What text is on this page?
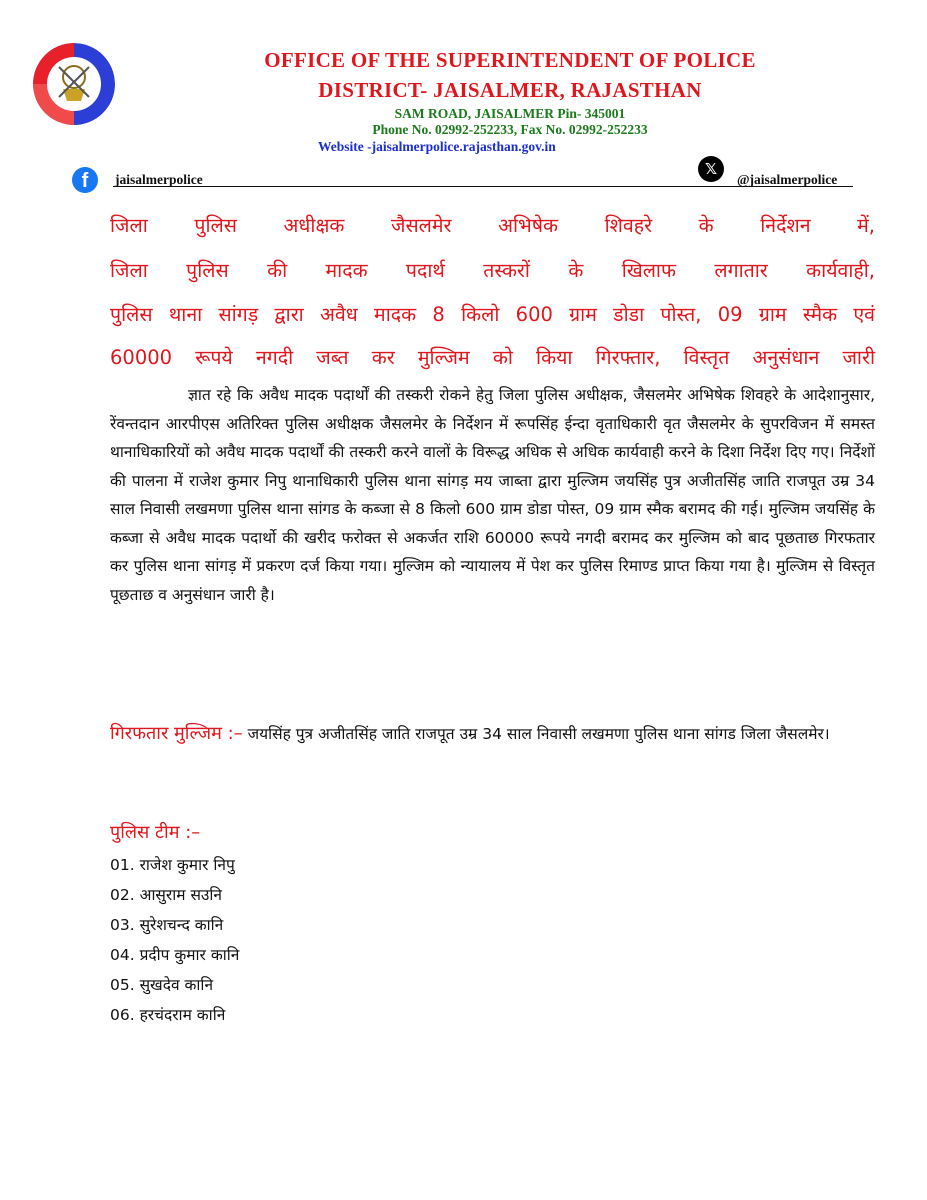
OFFICE OF THE SUPERINTENDENT OF POLICE
DISTRICT- JAISALMER, RAJASTHAN
SAM ROAD, JAISALMER Pin- 345001
Phone No. 02992-252233, Fax No. 02992-252233
Website -jaisalmerpolice.rajasthan.gov.in
f	jaisalmerpolice
𝕏
@jaisalmerpolice
जिला पुलिस अधीक्षक जैसलमेर अभिषेक शिवहरे के निर्देशन में,
जिला पुलिस की मादक पदार्थ तस्करों के खिलाफ लगातार कार्यवाही,
पुलिस थाना सांगड़ द्वारा अवैध मादक 8 किलो 600 ग्राम डोडा पोस्त, 09 ग्राम स्मैक एवं
60000 रूपये नगदी जब्त कर मुल्जिम को किया गिरफ्तार, विस्तृत अनुसंधान जारी

ज्ञात रहे कि अवैध मादक पदार्थों की तस्करी रोकने हेतु जिला पुलिस अधीक्षक, जैसलमेर अभिषेक शिवहरे के आदेशानुसार, रेंवन्तदान आरपीएस अतिरिक्त पुलिस अधीक्षक जैसलमेर के निर्देशन में रूपसिंह ईन्दा वृताधिकारी वृत जैसलमेर के सुपरविजन में समस्त थानाधिकारियों को अवैध मादक पदार्थों की तस्करी करने वालों के विरूद्ध अधिक से अधिक कार्यवाही करने के दिशा निर्देश दिए गए। निर्देशों की पालना में राजेश कुमार निपु थानाधिकारी पुलिस थाना सांगड़ मय जाब्ता द्वारा मुल्जिम जयसिंह पुत्र अजीतसिंह जाति राजपूत उम्र 34 साल निवासी लखमणा पुलिस थाना सांगड के कब्जा से 8 किलो 600 ग्राम डोडा पोस्त, 09 ग्राम स्मैक बरामद की गई। मुल्जिम जयसिंह के कब्जा से अवैध मादक पदार्थो की खरीद फरोक्त से अकर्जत राशि 60000 रूपये नगदी बरामद कर मुल्जिम को बाद पूछताछ गिरफतार कर पुलिस थाना सांगड़ में प्रकरण दर्ज किया गया। मुल्जिम को न्यायालय में पेश कर पुलिस रिमाण्ड प्राप्त किया गया है। मुल्जिम से विस्तृत पूछताछ व अनुसंधान जारी है।

गिरफतार मुल्जिम :– जयसिंह पुत्र अजीतसिंह जाति राजपूत उम्र 34 साल निवासी लखमणा पुलिस थाना सांगड जिला जैसलमेर।
पुलिस टीम :–
01. राजेश कुमार निपु
02. आसुराम सउनि
03. सुरेशचन्द कानि
04. प्रदीप कुमार कानि
05. सुखदेव कानि
06. हरचंदराम कानि
